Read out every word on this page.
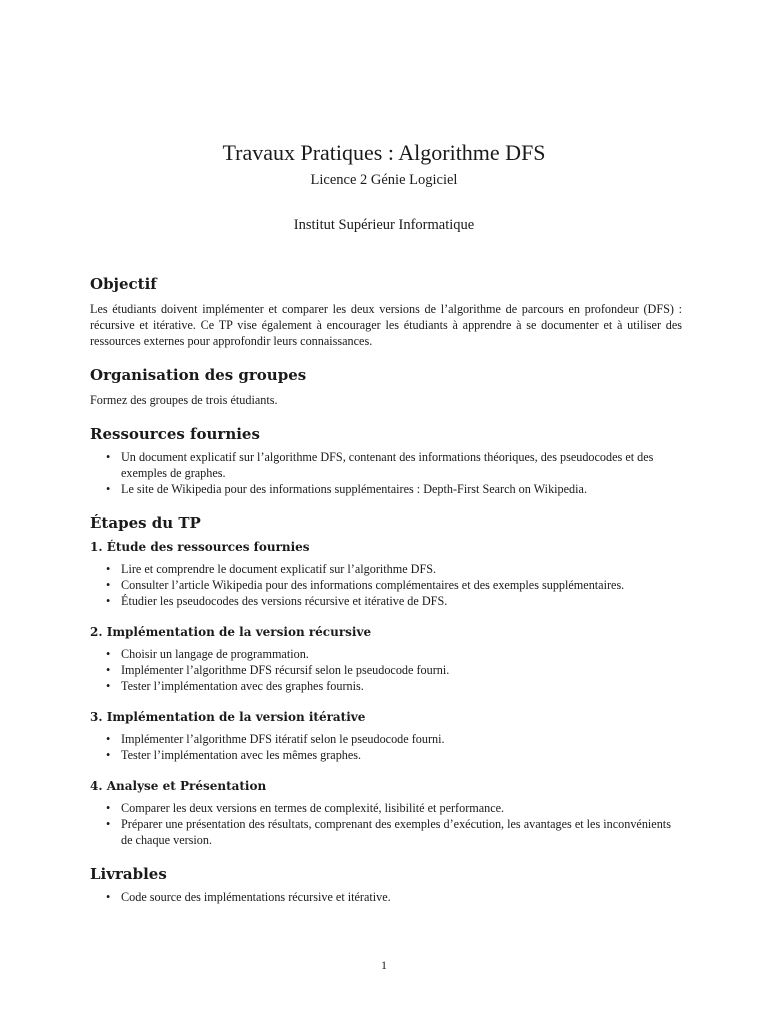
Travaux Pratiques : Algorithme DFS
Licence 2 Génie Logiciel
Institut Supérieur Informatique
Objectif

Les étudiants doivent implémenter et comparer les deux versions de l’algorithme de parcours en profondeur (DFS) : récursive et itérative. Ce TP vise également à encourager les étudiants à apprendre à se documenter et à utiliser des ressources externes pour approfondir leurs connaissances.

Organisation des groupes

Formez des groupes de trois étudiants.

Ressources fournies
• Un document explicatif sur l’algorithme DFS, contenant des informations théoriques, des pseudocodes et des exemples de graphes.
• Le site de Wikipedia pour des informations supplémentaires : Depth-First Search on Wikipedia.
Étapes du TP
1. Étude des ressources fournies
• Lire et comprendre le document explicatif sur l’algorithme DFS.
• Consulter l’article Wikipedia pour des informations complémentaires et des exemples supplémentaires.
• Étudier les pseudocodes des versions récursive et itérative de DFS.
2. Implémentation de la version récursive
• Choisir un langage de programmation.
• Implémenter l’algorithme DFS récursif selon le pseudocode fourni.
• Tester l’implémentation avec des graphes fournis.
3. Implémentation de la version itérative
• Implémenter l’algorithme DFS itératif selon le pseudocode fourni.
• Tester l’implémentation avec les mêmes graphes.
4. Analyse et Présentation
• Comparer les deux versions en termes de complexité, lisibilité et performance.
• Préparer une présentation des résultats, comprenant des exemples d’exécution, les avantages et les inconvénients de chaque version.
Livrables
• Code source des implémentations récursive et itérative.
1
